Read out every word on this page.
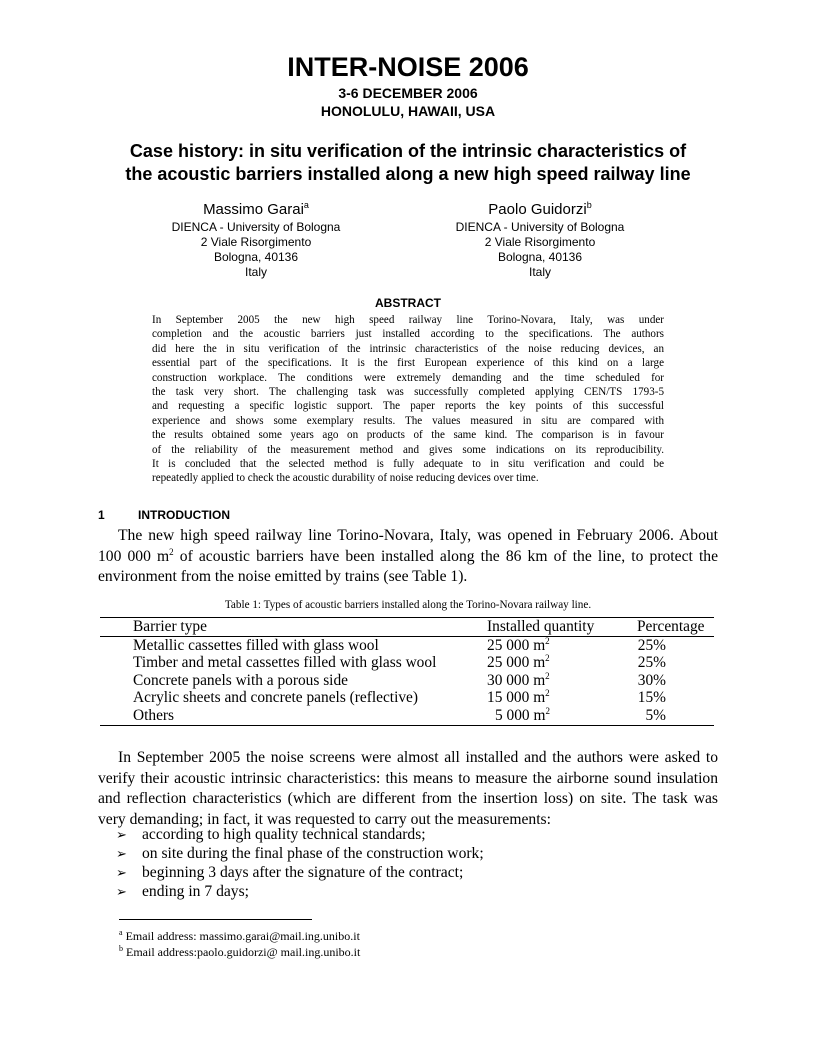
INTER-NOISE 2006
3-6 DECEMBER 2006
HONOLULU, HAWAII, USA
Case history: in situ verification of the intrinsic characteristics of
the acoustic barriers installed along a new high speed railway line
Massimo Garai$^a$
DIENCA - University of Bologna
2 Viale Risorgimento
Bologna, 40136
Italy
Paolo Guidorzi$^b$
DIENCA - University of Bologna
2 Viale Risorgimento
Bologna, 40136
Italy
ABSTRACT
In September 2005 the new high speed railway line Torino-Novara, Italy, was under
completion and the acoustic barriers just installed according to the specifications. The authors
did here the in situ verification of the intrinsic characteristics of the noise reducing devices, an
essential part of the specifications. It is the first European experience of this kind on a large
construction workplace. The conditions were extremely demanding and the time scheduled for
the task very short. The challenging task was successfully completed applying CEN/TS 1793-5
and requesting a specific logistic support. The paper reports the key points of this successful
experience and shows some exemplary results. The values measured in situ are compared with
the results obtained some years ago on products of the same kind. The comparison is in favour
of the reliability of the measurement method and gives some indications on its reproducibility.
It is concluded that the selected method is fully adequate to in situ verification and could be
repeatedly applied to check the acoustic durability of noise reducing devices over time.
1	INTRODUCTION
The new high speed railway line Torino-Novara, Italy, was opened in February 2006. About
100 000 $m^2$ of acoustic barriers have been installed along the 86 km of the line, to protect the
environment from the noise emitted by trains (see Table 1).
Table 1: Types of acoustic barriers installed along the Torino-Novara railway line.
Barrier type	Installed quantity	Percentage
Metallic cassettes filled with glass wool	25 000 $m^2$	25%
Timber and metal cassettes filled with glass wool	25 000 $m^2$	25%
Concrete panels with a porous side	30 000 $m^2$	30%
Acrylic sheets and concrete panels (reflective)	15 000 $m^2$	15%
Others	5 000 $m^2$	5%
In September 2005 the noise screens were almost all installed and the authors were asked to
verify their acoustic intrinsic characteristics: this means to measure the airborne sound insulation
and reflection characteristics (which are different from the insertion loss) on site. The task was
very demanding; in fact, it was requested to carry out the measurements:
➢ according to high quality technical standards;
➢ on site during the final phase of the construction work;
➢ beginning 3 days after the signature of the contract;
➢ ending in 7 days;
$^a$ Email address: massimo.garai@mail.ing.unibo.it
$^b$ Email address:paolo.guidorzi@ mail.ing.unibo.it
